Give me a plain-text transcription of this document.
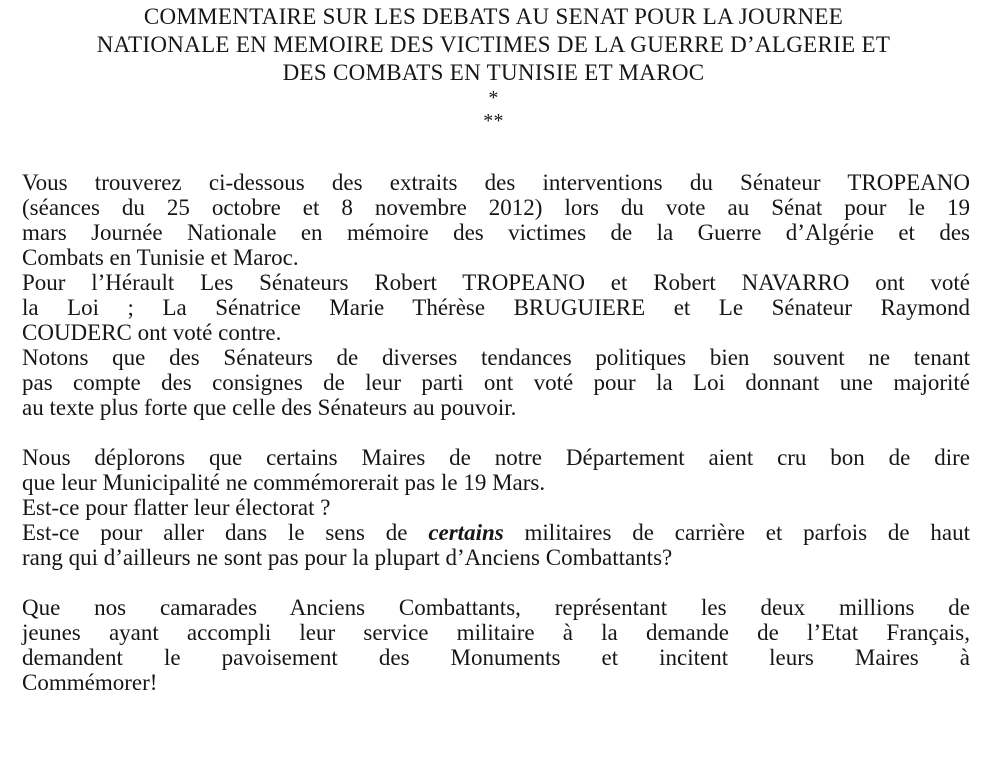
COMMENTAIRE SUR LES DEBATS AU SENAT POUR LA JOURNEE
NATIONALE EN MEMOIRE DES VICTIMES DE LA GUERRE D’ALGERIE ET
DES COMBATS EN TUNISIE ET MAROC
*
**
Vous trouverez ci-dessous des extraits des interventions du Sénateur TROPEANO
(séances du 25 octobre et 8 novembre 2012) lors du vote au Sénat pour le 19
mars Journée Nationale en mémoire des victimes de la Guerre d’Algérie et des
Combats en Tunisie et Maroc.
Pour l’Hérault Les Sénateurs Robert TROPEANO et Robert NAVARRO ont voté
la Loi ; La Sénatrice Marie Thérèse BRUGUIERE et Le Sénateur Raymond
COUDERC ont voté contre.
Notons que des Sénateurs de diverses tendances politiques bien souvent ne tenant
pas compte des consignes de leur parti ont voté pour la Loi donnant une majorité
au texte plus forte que celle des Sénateurs au pouvoir.
Nous déplorons que certains Maires de notre Département aient cru bon de dire
que leur Municipalité ne commémorerait pas le 19 Mars.
Est-ce pour flatter leur électorat ?
Est-ce pour aller dans le sens de certains militaires de carrière et parfois de haut
rang qui d’ailleurs ne sont pas pour la plupart d’Anciens Combattants?
Que nos camarades Anciens Combattants, représentant les deux millions de
jeunes ayant accompli leur service militaire à la demande de l’Etat Français,
demandent le pavoisement des Monuments et incitent leurs Maires à
Commémorer!
